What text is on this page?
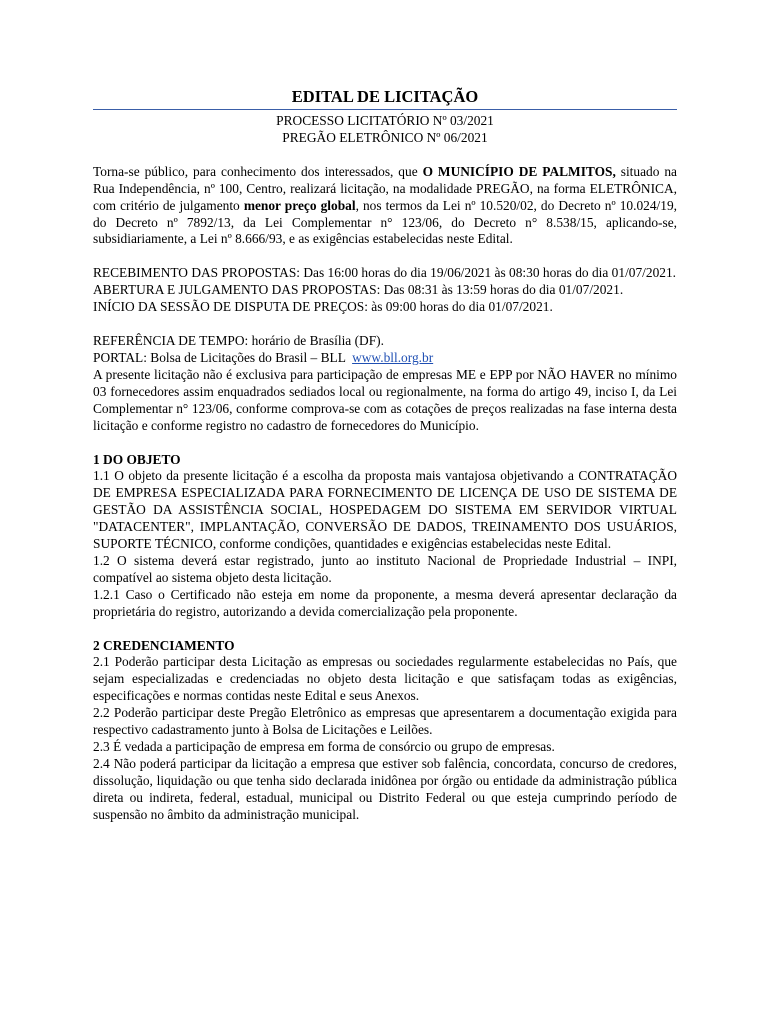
EDITAL DE LICITAÇÃO
PROCESSO LICITATÓRIO Nº 03/2021
PREGÃO ELETRÔNICO Nº 06/2021

Torna-se público, para conhecimento dos interessados, que O MUNICÍPIO DE PALMITOS, situado na Rua Independência, nº 100, Centro, realizará licitação, na modalidade PREGÃO, na forma ELETRÔNICA, com critério de julgamento menor preço global, nos termos da Lei nº 10.520/02, do Decreto nº 10.024/19, do Decreto nº 7892/13, da Lei Complementar n° 123/06, do Decreto n° 8.538/15, aplicando-se, subsidiariamente, a Lei nº 8.666/93, e as exigências estabelecidas neste Edital.

RECEBIMENTO DAS PROPOSTAS: Das 16:00 horas do dia 19/06/2021 às 08:30 horas do dia 01/07/2021.

ABERTURA E JULGAMENTO DAS PROPOSTAS: Das 08:31 às 13:59 horas do dia 01/07/2021.

INÍCIO DA SESSÃO DE DISPUTA DE PREÇOS: às 09:00 horas do dia 01/07/2021.

REFERÊNCIA DE TEMPO: horário de Brasília (DF).

PORTAL: Bolsa de Licitações do Brasil – BLL  www.bll.org.br

A presente licitação não é exclusiva para participação de empresas ME e EPP por NÃO HAVER no mínimo 03 fornecedores assim enquadrados sediados local ou regionalmente, na forma do artigo 49, inciso I, da Lei Complementar n° 123/06, conforme comprova-se com as cotações de preços realizadas na fase interna desta licitação e conforme registro no cadastro de fornecedores do Município.

1 DO OBJETO

1.1 O objeto da presente licitação é a escolha da proposta mais vantajosa objetivando a CONTRATAÇÃO DE EMPRESA ESPECIALIZADA PARA FORNECIMENTO DE LICENÇA DE USO DE SISTEMA DE GESTÃO DA ASSISTÊNCIA SOCIAL, HOSPEDAGEM DO SISTEMA EM SERVIDOR VIRTUAL "DATACENTER", IMPLANTAÇÃO, CONVERSÃO DE DADOS, TREINAMENTO DOS USUÁRIOS, SUPORTE TÉCNICO, conforme condições, quantidades e exigências estabelecidas neste Edital.

1.2 O sistema deverá estar registrado, junto ao instituto Nacional de Propriedade Industrial – INPI, compatível ao sistema objeto desta licitação.

1.2.1 Caso o Certificado não esteja em nome da proponente, a mesma deverá apresentar declaração da proprietária do registro, autorizando a devida comercialização pela proponente.

2 CREDENCIAMENTO

2.1 Poderão participar desta Licitação as empresas ou sociedades regularmente estabelecidas no País, que sejam especializadas e credenciadas no objeto desta licitação e que satisfaçam todas as exigências, especificações e normas contidas neste Edital e seus Anexos.

2.2 Poderão participar deste Pregão Eletrônico as empresas que apresentarem a documentação exigida para respectivo cadastramento junto à Bolsa de Licitações e Leilões.

2.3 É vedada a participação de empresa em forma de consórcio ou grupo de empresas.

2.4 Não poderá participar da licitação a empresa que estiver sob falência, concordata, concurso de credores, dissolução, liquidação ou que tenha sido declarada inidônea por órgão ou entidade da administração pública direta ou indireta, federal, estadual, municipal ou Distrito Federal ou que esteja cumprindo período de suspensão no âmbito da administração municipal.
